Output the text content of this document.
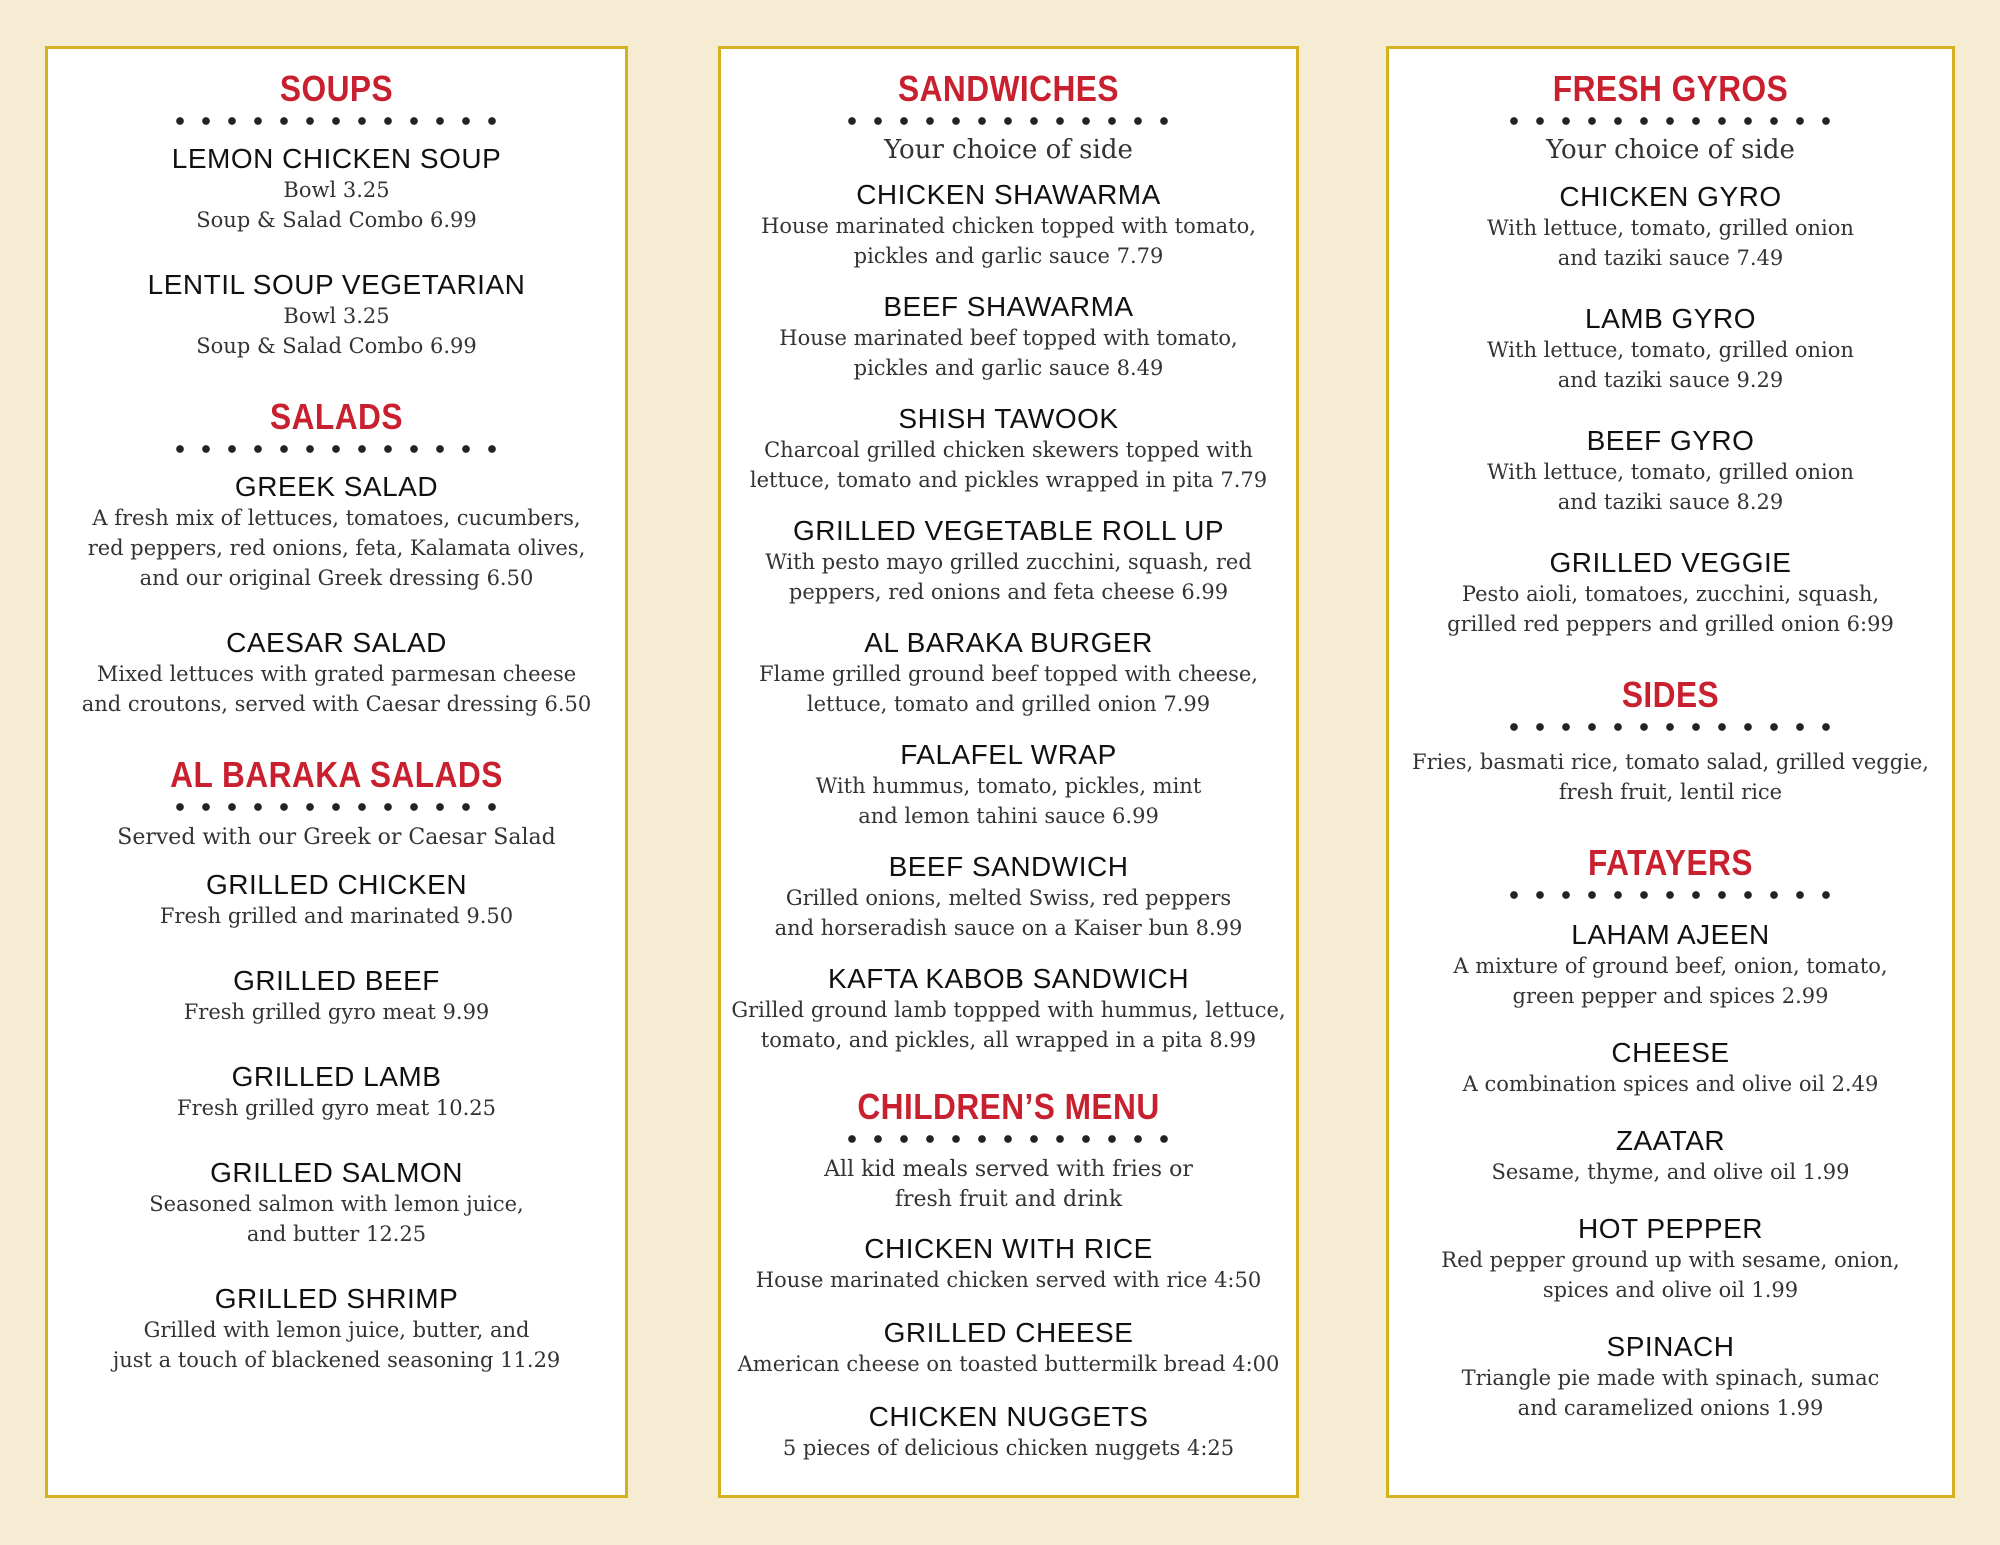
SOUPS
LEMON CHICKEN SOUP
Bowl 3.25
Soup & Salad Combo 6.99
LENTIL SOUP VEGETARIAN
Bowl 3.25
Soup & Salad Combo 6.99
SALADS
GREEK SALAD
A fresh mix of lettuces, tomatoes, cucumbers,
red peppers, red onions, feta, Kalamata olives,
and our original Greek dressing 6.50
CAESAR SALAD
Mixed lettuces with grated parmesan cheese
and croutons, served with Caesar dressing 6.50
AL BARAKA SALADS
Served with our Greek or Caesar Salad
GRILLED CHICKEN
Fresh grilled and marinated 9.50
GRILLED BEEF
Fresh grilled gyro meat 9.99
GRILLED LAMB
Fresh grilled gyro meat 10.25
GRILLED SALMON
Seasoned salmon with lemon juice,
and butter 12.25
GRILLED SHRIMP
Grilled with lemon juice, butter, and
just a touch of blackened seasoning 11.29
SANDWICHES
Your choice of side
CHICKEN SHAWARMA
House marinated chicken topped with tomato,
pickles and garlic sauce 7.79
BEEF SHAWARMA
House marinated beef topped with tomato,
pickles and garlic sauce 8.49
SHISH TAWOOK
Charcoal grilled chicken skewers topped with
lettuce, tomato and pickles wrapped in pita 7.79
GRILLED VEGETABLE ROLL UP
With pesto mayo grilled zucchini, squash, red
peppers, red onions and feta cheese 6.99
AL BARAKA BURGER
Flame grilled ground beef topped with cheese,
lettuce, tomato and grilled onion 7.99
FALAFEL WRAP
With hummus, tomato, pickles, mint
and lemon tahini sauce 6.99
BEEF SANDWICH
Grilled onions, melted Swiss, red peppers
and horseradish sauce on a Kaiser bun 8.99
KAFTA KABOB SANDWICH
Grilled ground lamb toppped with hummus, lettuce,
tomato, and pickles, all wrapped in a pita 8.99
CHILDREN’S MENU
All kid meals served with fries or
fresh fruit and drink
CHICKEN WITH RICE
House marinated chicken served with rice 4:50
GRILLED CHEESE
American cheese on toasted buttermilk bread 4:00
CHICKEN NUGGETS
5 pieces of delicious chicken nuggets 4:25
FRESH GYROS
Your choice of side
CHICKEN GYRO
With lettuce, tomato, grilled onion
and taziki sauce 7.49
LAMB GYRO
With lettuce, tomato, grilled onion
and taziki sauce 9.29
BEEF GYRO
With lettuce, tomato, grilled onion
and taziki sauce 8.29
GRILLED VEGGIE
Pesto aioli, tomatoes, zucchini, squash,
grilled red peppers and grilled onion 6:99
SIDES
Fries, basmati rice, tomato salad, grilled veggie,
fresh fruit, lentil rice
FATAYERS
LAHAM AJEEN
A mixture of ground beef, onion, tomato,
green pepper and spices 2.99
CHEESE
A combination spices and olive oil 2.49
ZAATAR
Sesame, thyme, and olive oil 1.99
HOT PEPPER
Red pepper ground up with sesame, onion,
spices and olive oil 1.99
SPINACH
Triangle pie made with spinach, sumac
and caramelized onions 1.99
